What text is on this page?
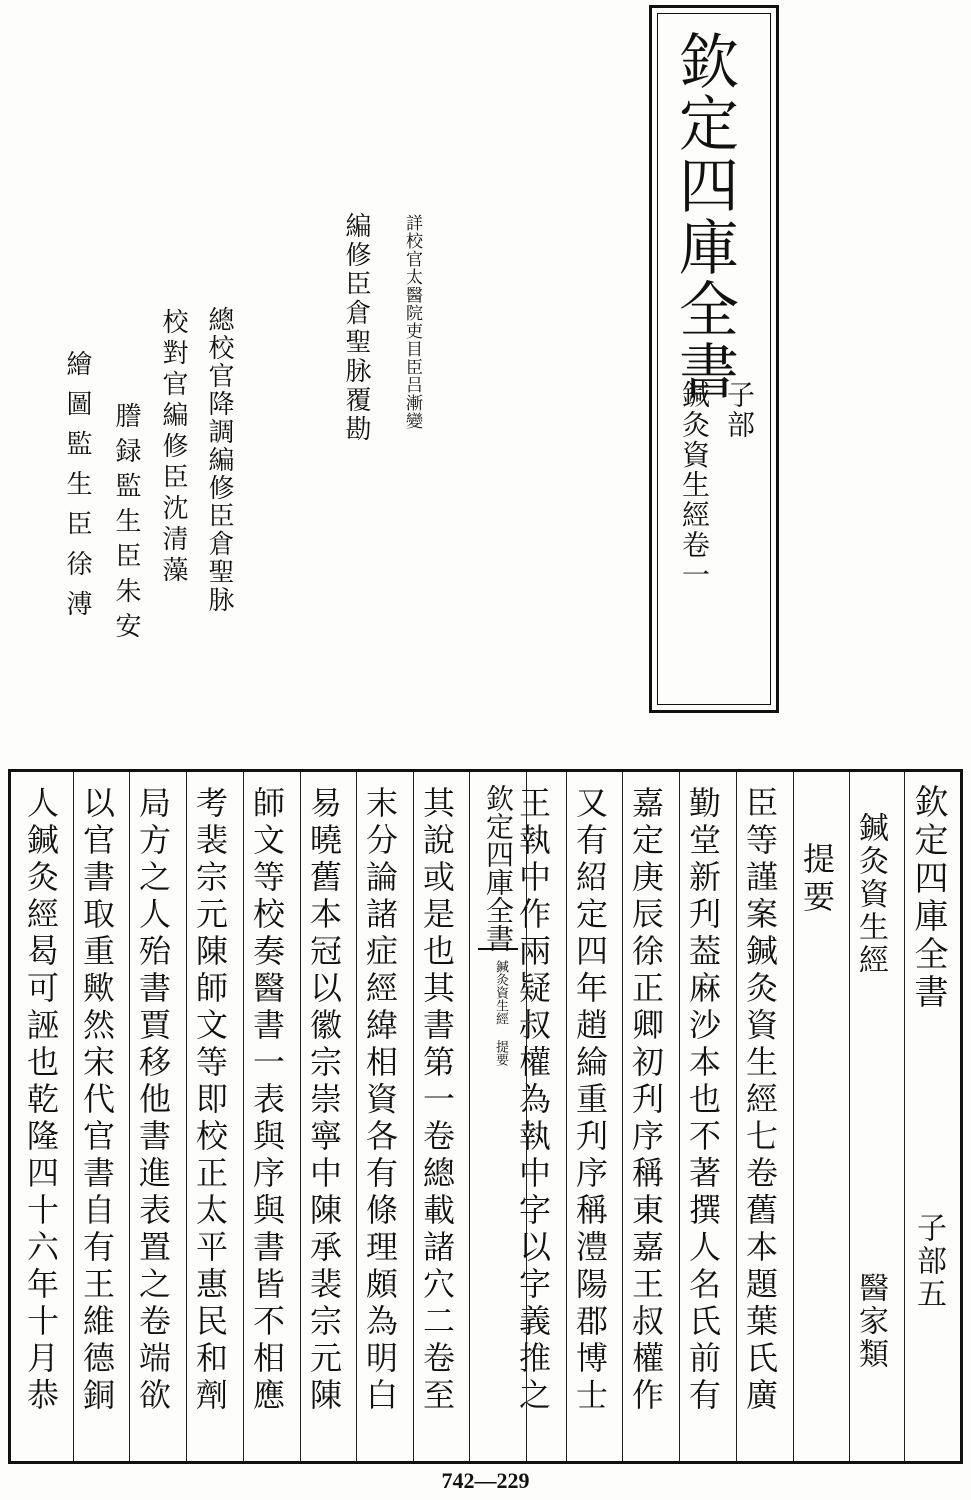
欽定四庫全書
子部
鍼灸資生經卷一
詳校官太醫院吏目臣吕漸變
編修臣倉聖脉覆勘
總校官降調編修臣倉聖脉
校對官編修臣沈清藻
謄録監生臣朱安
繪圖監生臣徐溥
欽定四庫全書
子部五
鍼灸資生經
醫家類
提要
臣等謹案鍼灸資生經七卷舊本題葉氏廣
勤堂新刋葢麻沙本也不著撰人名氏前有
嘉定庚辰徐正卿初刋序稱東嘉王叔權作
又有紹定四年趙綸重刋序稱澧陽郡博士
王執中作兩疑叔權為執中字以字義推之
欽定四庫全書
鍼灸資生經 提要
其說或是也其書第一卷總載諸穴二卷至
末分論諸症經緯相資各有條理頗為明白
易曉舊本冠以徽宗崇寧中陳承裴宗元陳
師文等校奏醫書一表與序與書皆不相應
考裴宗元陳師文等即校正太平惠民和劑
局方之人殆書賈移他書進表置之卷端欲
以官書取重歟然宋代官書自有王維德銅
人鍼灸經曷可誣也乾隆四十六年十月恭
742—229
